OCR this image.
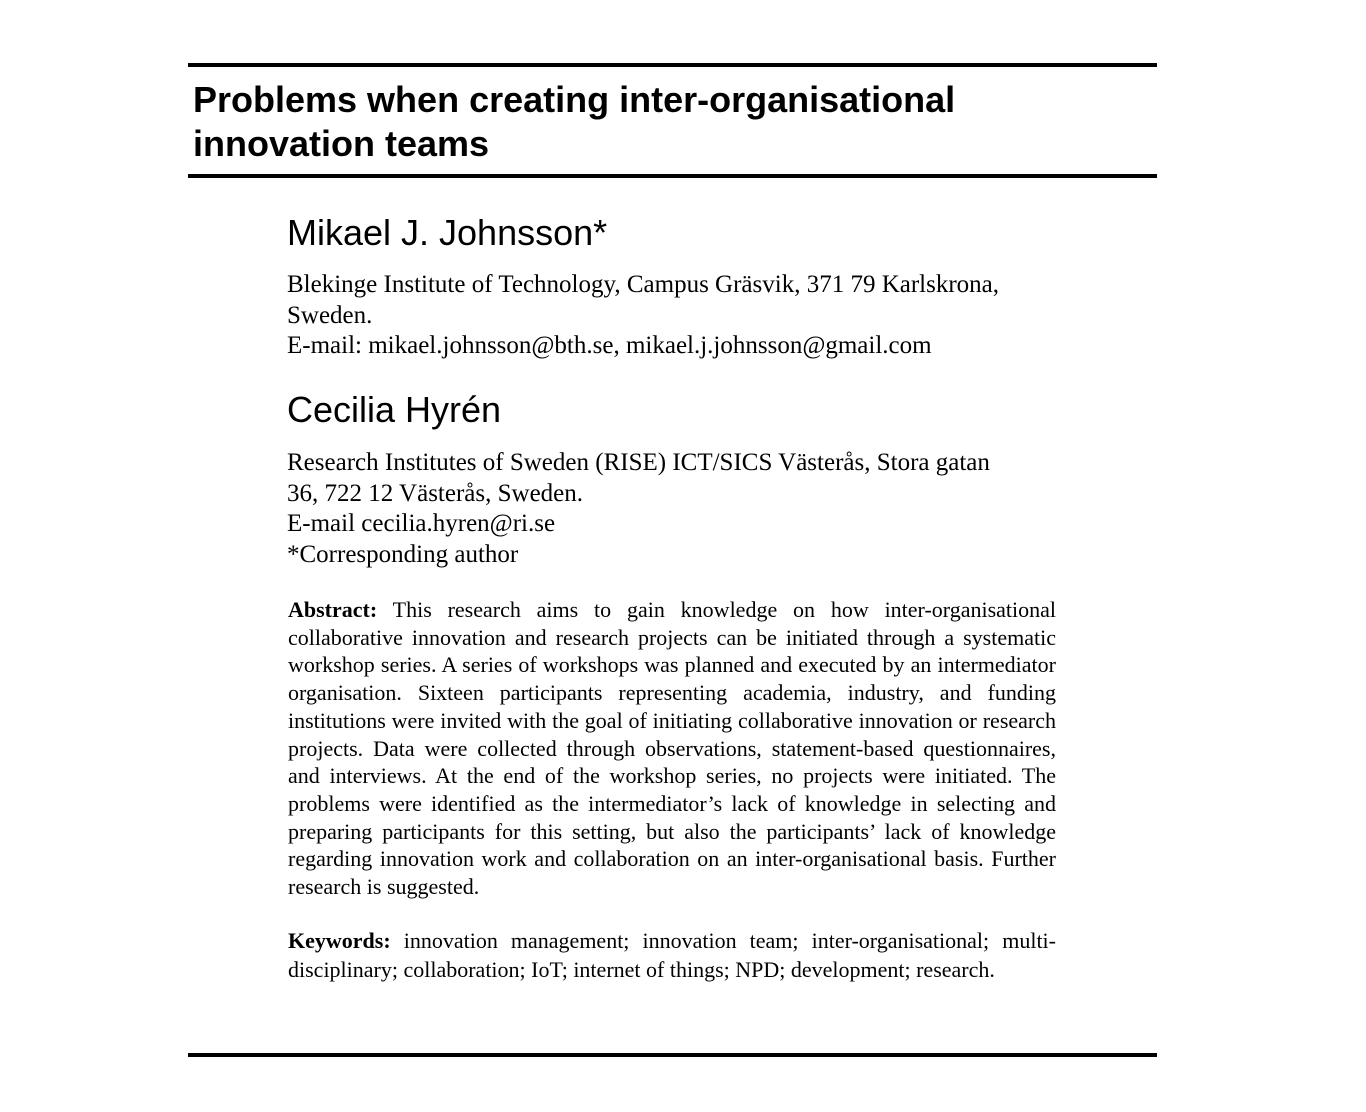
Problems when creating inter-organisational
innovation teams
Mikael J. Johnsson*
Blekinge Institute of Technology, Campus Gräsvik, 371 79 Karlskrona,
Sweden.
E-mail: mikael.johnsson@bth.se, mikael.j.johnsson@gmail.com
Cecilia Hyrén
Research Institutes of Sweden (RISE) ICT/SICS Västerås, Stora gatan
36, 722 12 Västerås, Sweden.
E-mail cecilia.hyren@ri.se
*Corresponding author

Abstract: This research aims to gain knowledge on how inter-organisational collaborative innovation and research projects can be initiated through a systematic workshop series. A series of workshops was planned and executed by an intermediator organisation. Sixteen participants representing academia, industry, and funding institutions were invited with the goal of initiating collaborative innovation or research projects. Data were collected through observations, statement-based questionnaires, and interviews. At the end of the workshop series, no projects were initiated. The problems were identified as the intermediator’s lack of knowledge in selecting and preparing participants for this setting, but also the participants’ lack of knowledge regarding innovation work and collaboration on an inter-organisational basis. Further research is suggested.

Keywords: innovation management; innovation team; inter-organisational; multi-disciplinary; collaboration; IoT; internet of things; NPD; development; research.
